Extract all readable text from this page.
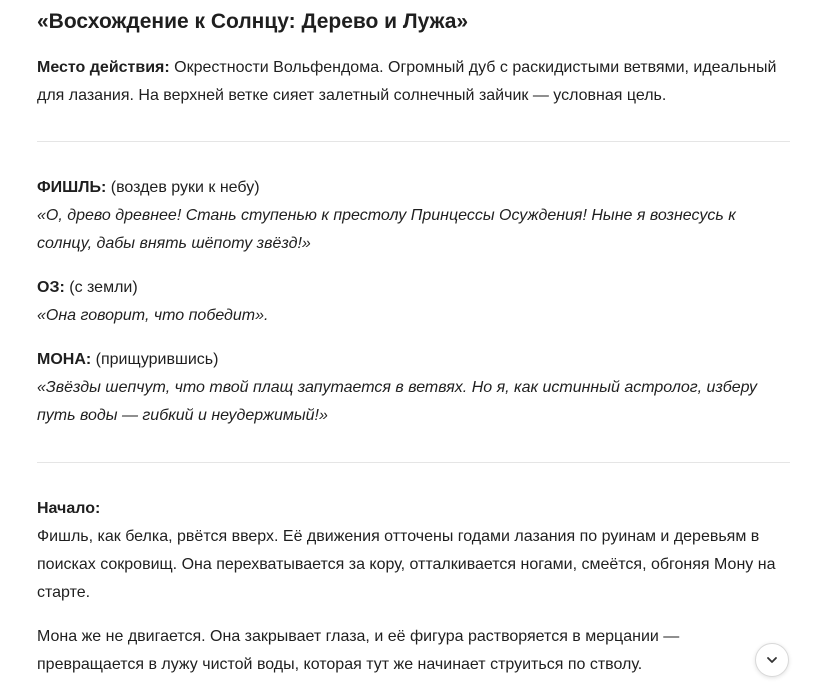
«Восхождение к Солнцу: Дерево и Лужа»

Место действия: Окрестности Вольфендома. Огромный дуб с раскидистыми ветвями, идеальный для лазания. На верхней ветке сияет залетный солнечный зайчик — условная цель.

ФИШЛЬ: (воздев руки к небу)
«О, древо древнее! Стань ступенью к престолу Принцессы Осуждения! Ныне я вознесусь к солнцу, дабы внять шёпоту звёзд!»
ОЗ: (с земли)
«Она говорит, что победит».
МОНА: (прищурившись)
«Звёзды шепчут, что твой плащ запутается в ветвях. Но я, как истинный астролог, изберу путь воды — гибкий и неудержимый!»
Начало:
Фишль, как белка, рвётся вверх. Её движения отточены годами лазания по руинам и деревьям в поисках сокровищ. Она перехватывается за кору, отталкивается ногами, смеётся, обгоняя Мону на старте.

Мона же не двигается. Она закрывает глаза, и её фигура растворяется в мерцании — превращается в лужу чистой воды, которая тут же начинает струиться по стволу.
